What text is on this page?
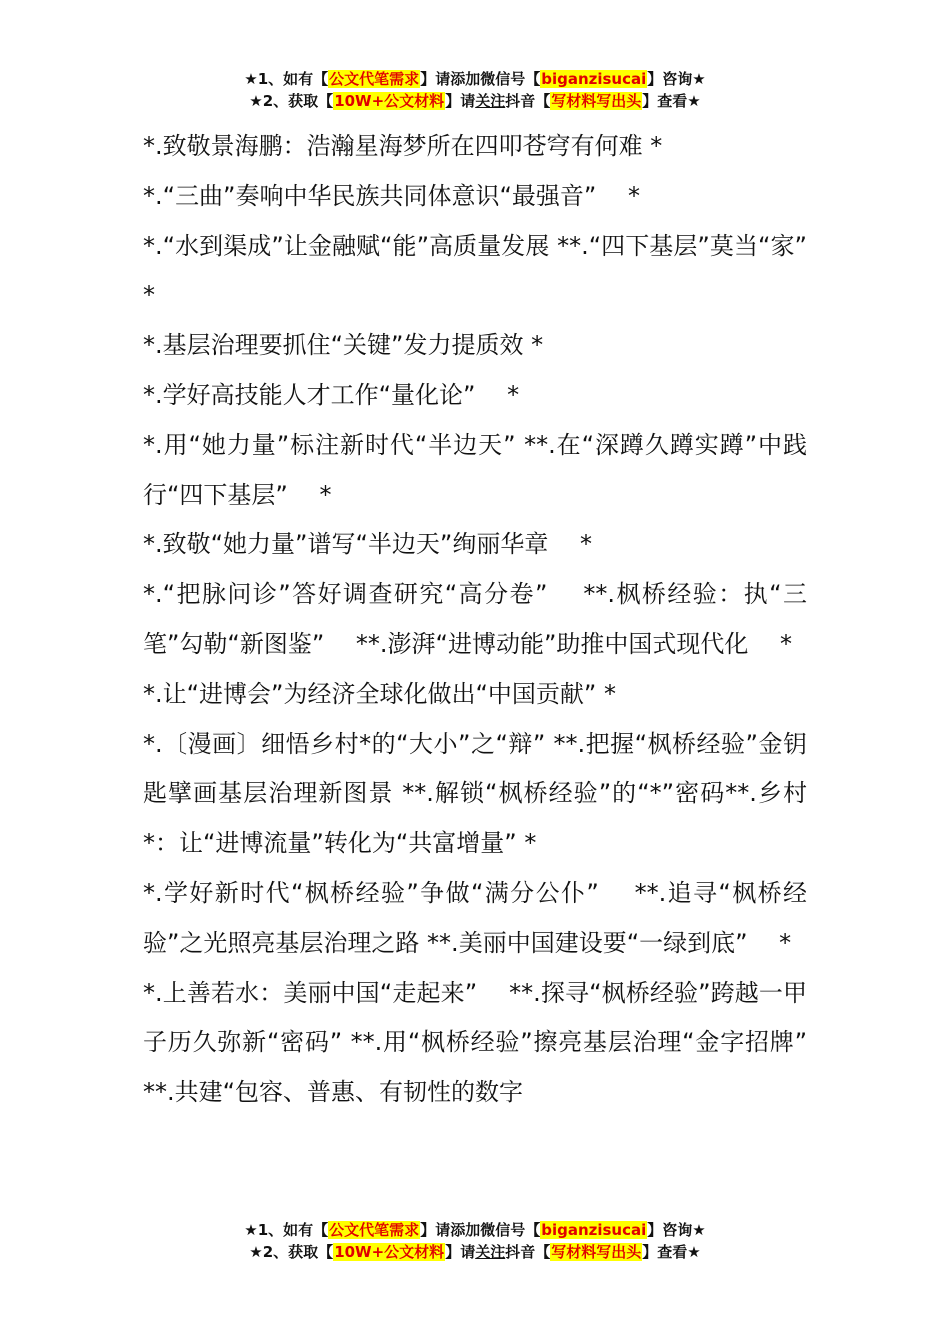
★1、如有【公文代笔需求】请添加微信号【biganzisucai】咨询★
★2、获取【10W+公文材料】请关注抖音【写材料写出头】查看★

*.致敬景海鹏：浩瀚星海梦所在四叩苍穹有何难 *

*.“三曲”奏响中华民族共同体意识“最强音”　 *

*.“水到渠成”让金融赋“能”高质量发展 **.“四下基层”莫当“家”　 *

*.基层治理要抓住“关键”发力提质效 *

*.学好高技能人才工作“量化论”　 *

*.用“她力量”标注新时代“半边天” **.在“深蹲久蹲实蹲”中践行“四下基层”　 *

*.致敬“她力量”谱写“半边天”绚丽华章　 *

*.“把脉问诊”答好调查研究“高分卷”　 **.枫桥经验：执“三笔”勾勒“新图鉴”　 **.澎湃“进博动能”助推中国式现代化　 *

*.让“进博会”为经济全球化做出“中国贡献” *

*.〔漫画〕细悟乡村*的“大小”之“辩” **.把握“枫桥经验”金钥匙擘画基层治理新图景 **.解锁“枫桥经验”的“*”密码**.乡村*：让“进博流量”转化为“共富增量” *

*.学好新时代“枫桥经验”争做“满分公仆”　 **.追寻“枫桥经验”之光照亮基层治理之路 **.美丽中国建设要“一绿到底”　 *

*.上善若水：美丽中国“走起来”　 **.探寻“枫桥经验”跨越一甲子历久弥新“密码” **.用“枫桥经验”擦亮基层治理“金字招牌”　 **.共建“包容、普惠、有韧性的数字

★1、如有【公文代笔需求】请添加微信号【biganzisucai】咨询★
★2、获取【10W+公文材料】请关注抖音【写材料写出头】查看★
